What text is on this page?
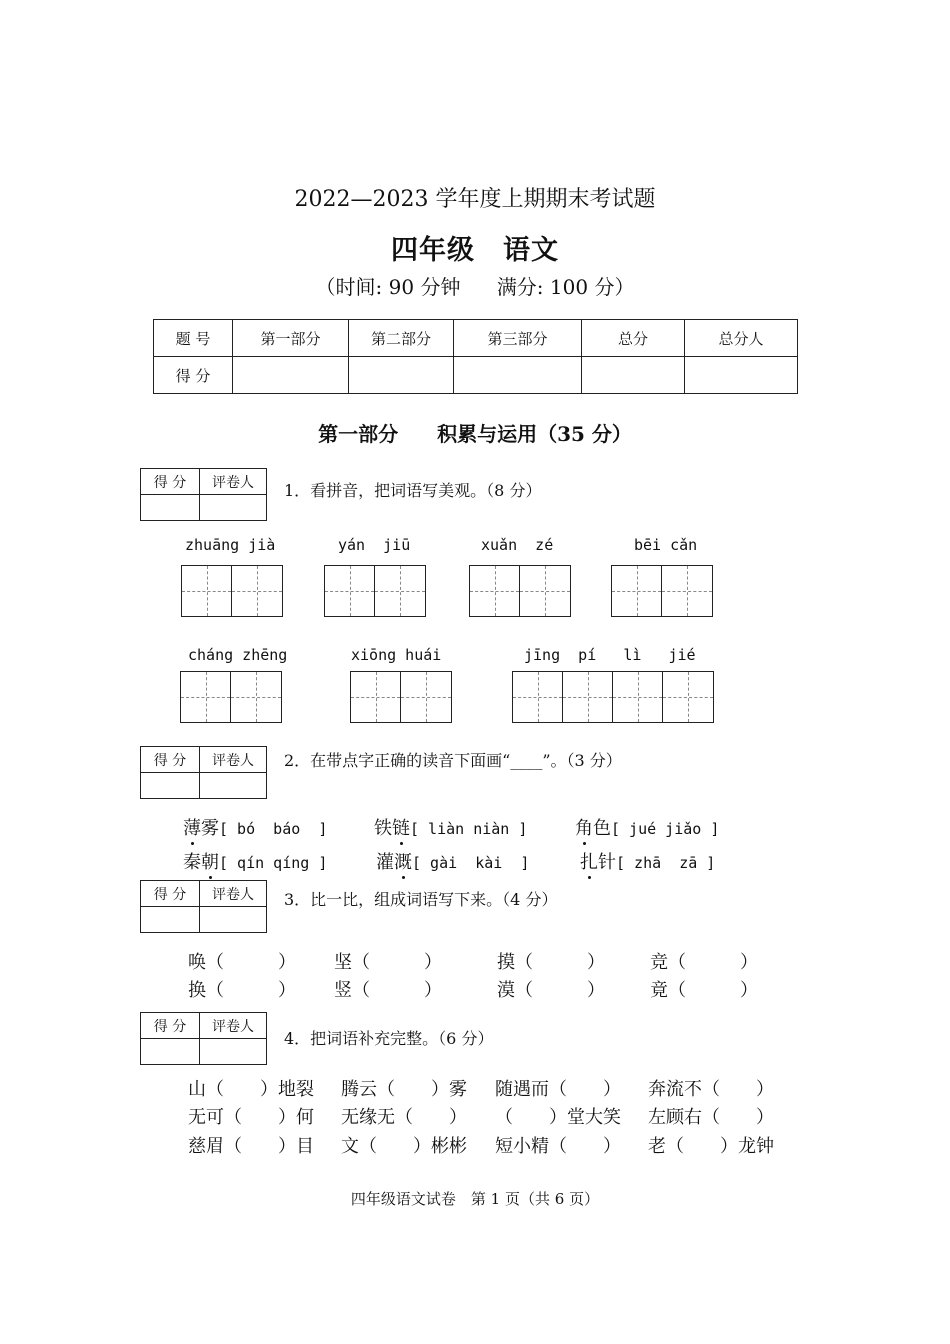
2022—2023 学年度上期期末考试题
四年级　语文
（时间: 90 分钟 满分: 100 分）
题 号	第一部分	第二部分	第三部分	总分	总分人
得 分					
第一部分 积累与运用（35 分）
得 分	评卷人
	1．看拼音，把词语写美观。（8 分）
zhuāng jià	yán  jiū	xuǎn  zé	bēi cǎn
cháng zhēng	xiōng huái	jīng  pí   lì   jié
得 分	评卷人
	2．在带点字正确的读音下面画“____”。（3 分）
薄雾[ bó  báo  ]	铁链[ liàn niàn ]	角色[ jué jiǎo ]
秦朝[ qín qíng ]	灌溉[ gài  kài  ]	扎针[ zhā  zā ]
得 分	评卷人
	3．比一比，组成词语写下来。（4 分）
唤（　　　） 坚（　　　）	摸（　　　）	竞（　　　）
换（　　　） 竖（　　　）	漠（　　　）	竟（　　　）
得 分	评卷人

4．把词语补充完整。（6 分）
山（　　）地裂 腾云（　　）雾 随遇而（　　） 奔流不（　　）
无可（　　）何 无缘无（　　） （　　）堂大笑 左顾右（　　）
慈眉（　　）目 文（　　）彬彬 短小精（　　） 老（　　）龙钟
四年级语文试卷　第 1 页（共 6 页）
